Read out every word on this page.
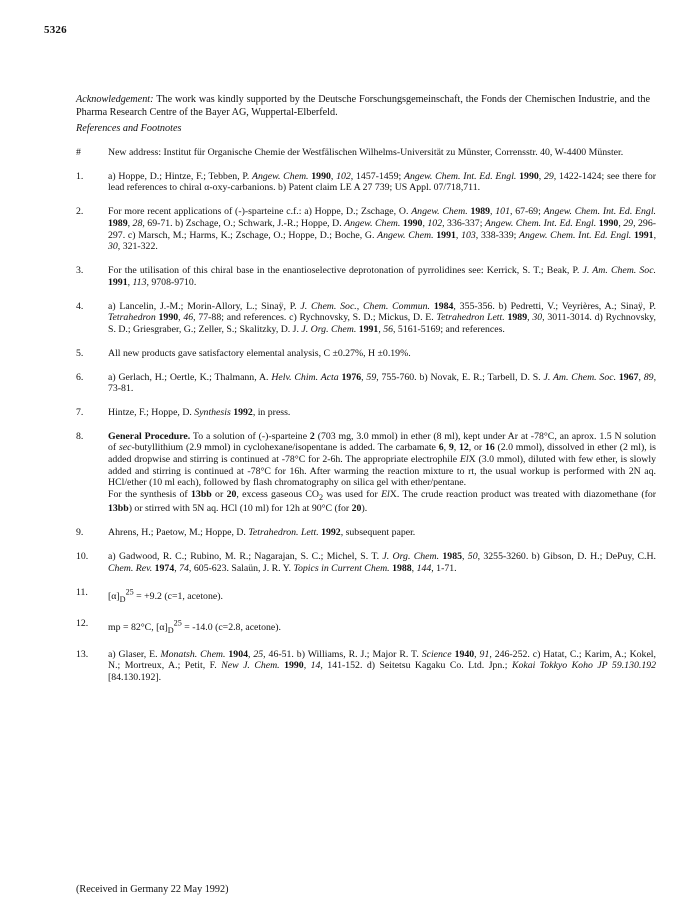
5326
Acknowledgement: The work was kindly supported by the Deutsche Forschungsgemeinschaft, the Fonds der Chemischen Industrie, and the Pharma Research Centre of the Bayer AG, Wuppertal-Elberfeld.
References and Footnotes
#	New address: Institut für Organische Chemie der Westfälischen Wilhelms-Universität zu Münster, Corrensstr. 40, W-4400 Münster.
1.	a) Hoppe, D.; Hintze, F.; Tebben, P. Angew. Chem. 1990, 102, 1457-1459; Angew. Chem. Int. Ed. Engl. 1990, 29, 1422-1424; see there for lead references to chiral α-oxy-carbanions. b) Patent claim LE A 27 739; US Appl. 07/718,711.
2.	For more recent applications of (-)-sparteine c.f.: a) Hoppe, D.; Zschage, O. Angew. Chem. 1989, 101, 67-69; Angew. Chem. Int. Ed. Engl. 1989, 28, 69-71. b) Zschage, O.; Schwark, J.-R.; Hoppe, D. Angew. Chem. 1990, 102, 336-337; Angew. Chem. Int. Ed. Engl. 1990, 29, 296-297. c) Marsch, M.; Harms, K.; Zschage, O.; Hoppe, D.; Boche, G. Angew. Chem. 1991, 103, 338-339; Angew. Chem. Int. Ed. Engl. 1991, 30, 321-322.
3.	For the utilisation of this chiral base in the enantioselective deprotonation of pyrrolidines see: Kerrick, S. T.; Beak, P. J. Am. Chem. Soc. 1991, 113, 9708-9710.
4.	a) Lancelin, J.-M.; Morin-Allory, L.; Sinaÿ, P. J. Chem. Soc., Chem. Commun. 1984, 355-356. b) Pedretti, V.; Veyrières, A.; Sinaÿ, P. Tetrahedron 1990, 46, 77-88; and references. c) Rychnovsky, S. D.; Mickus, D. E. Tetrahedron Lett. 1989, 30, 3011-3014. d) Rychnovsky, S. D.; Griesgraber, G.; Zeller, S.; Skalitzky, D. J. J. Org. Chem. 1991, 56, 5161-5169; and references.
5.	All new products gave satisfactory elemental analysis, C ±0.27%, H ±0.19%.
6.	a) Gerlach, H.; Oertle, K.; Thalmann, A. Helv. Chim. Acta 1976, 59, 755-760. b) Novak, E. R.; Tarbell, D. S. J. Am. Chem. Soc. 1967, 89, 73-81.
7.	Hintze, F.; Hoppe, D. Synthesis 1992, in press.
8.	General Procedure. To a solution of (-)-sparteine 2 (703 mg, 3.0 mmol) in ether (8 ml), kept under Ar at -78°C, an aprox. 1.5 N solution of sec-butyllithium (2.9 mmol) in cyclohexane/isopentane is added. The carbamate 6, 9, 12, or 16 (2.0 mmol), dissolved in ether (2 ml), is added dropwise and stirring is continued at -78°C for 2-6h. The appropriate electrophile ElX (3.0 mmol), diluted with few ether, is slowly added and stirring is continued at -78°C for 16h. After warming the reaction mixture to rt, the usual workup is performed with 2N aq. HCl/ether (10 ml each), followed by flash chromatography on silica gel with ether/pentane.
For the synthesis of 13bb or 20, excess gaseous $CO_2$ was used for ElX. The crude reaction product was treated with diazomethane (for 13bb) or stirred with 5N aq. HCl (10 ml) for 12h at 90°C (for 20).
9.	Ahrens, H.; Paetow, M.; Hoppe, D. Tetrahedron. Lett. 1992, subsequent paper.
10.	a) Gadwood, R. C.; Rubino, M. R.; Nagarajan, S. C.; Michel, S. T. J. Org. Chem. 1985, 50, 3255-3260. b) Gibson, D. H.; DePuy, C.H. Chem. Rev. 1974, 74, 605-623. Salaün, J. R. Y. Topics in Current Chem. 1988, 144, 1-71.
11.	$[\alpha]_D^{25} = +9.2$ (c=1, acetone).
12.	mp = 82°C, $[\alpha]_D^{25} = -14.0$ (c=2.8, acetone).
13.	a) Glaser, E. Monatsh. Chem. 1904, 25, 46-51. b) Williams, R. J.; Major R. T. Science 1940, 91, 246-252. c) Hatat, C.; Karim, A.; Kokel, N.; Mortreux, A.; Petit, F. New J. Chem. 1990, 14, 141-152. d) Seitetsu Kagaku Co. Ltd. Jpn.; Kokai Tokkyo Koho JP 59.130.192 [84.130.192].
(Received in Germany 22 May 1992)
